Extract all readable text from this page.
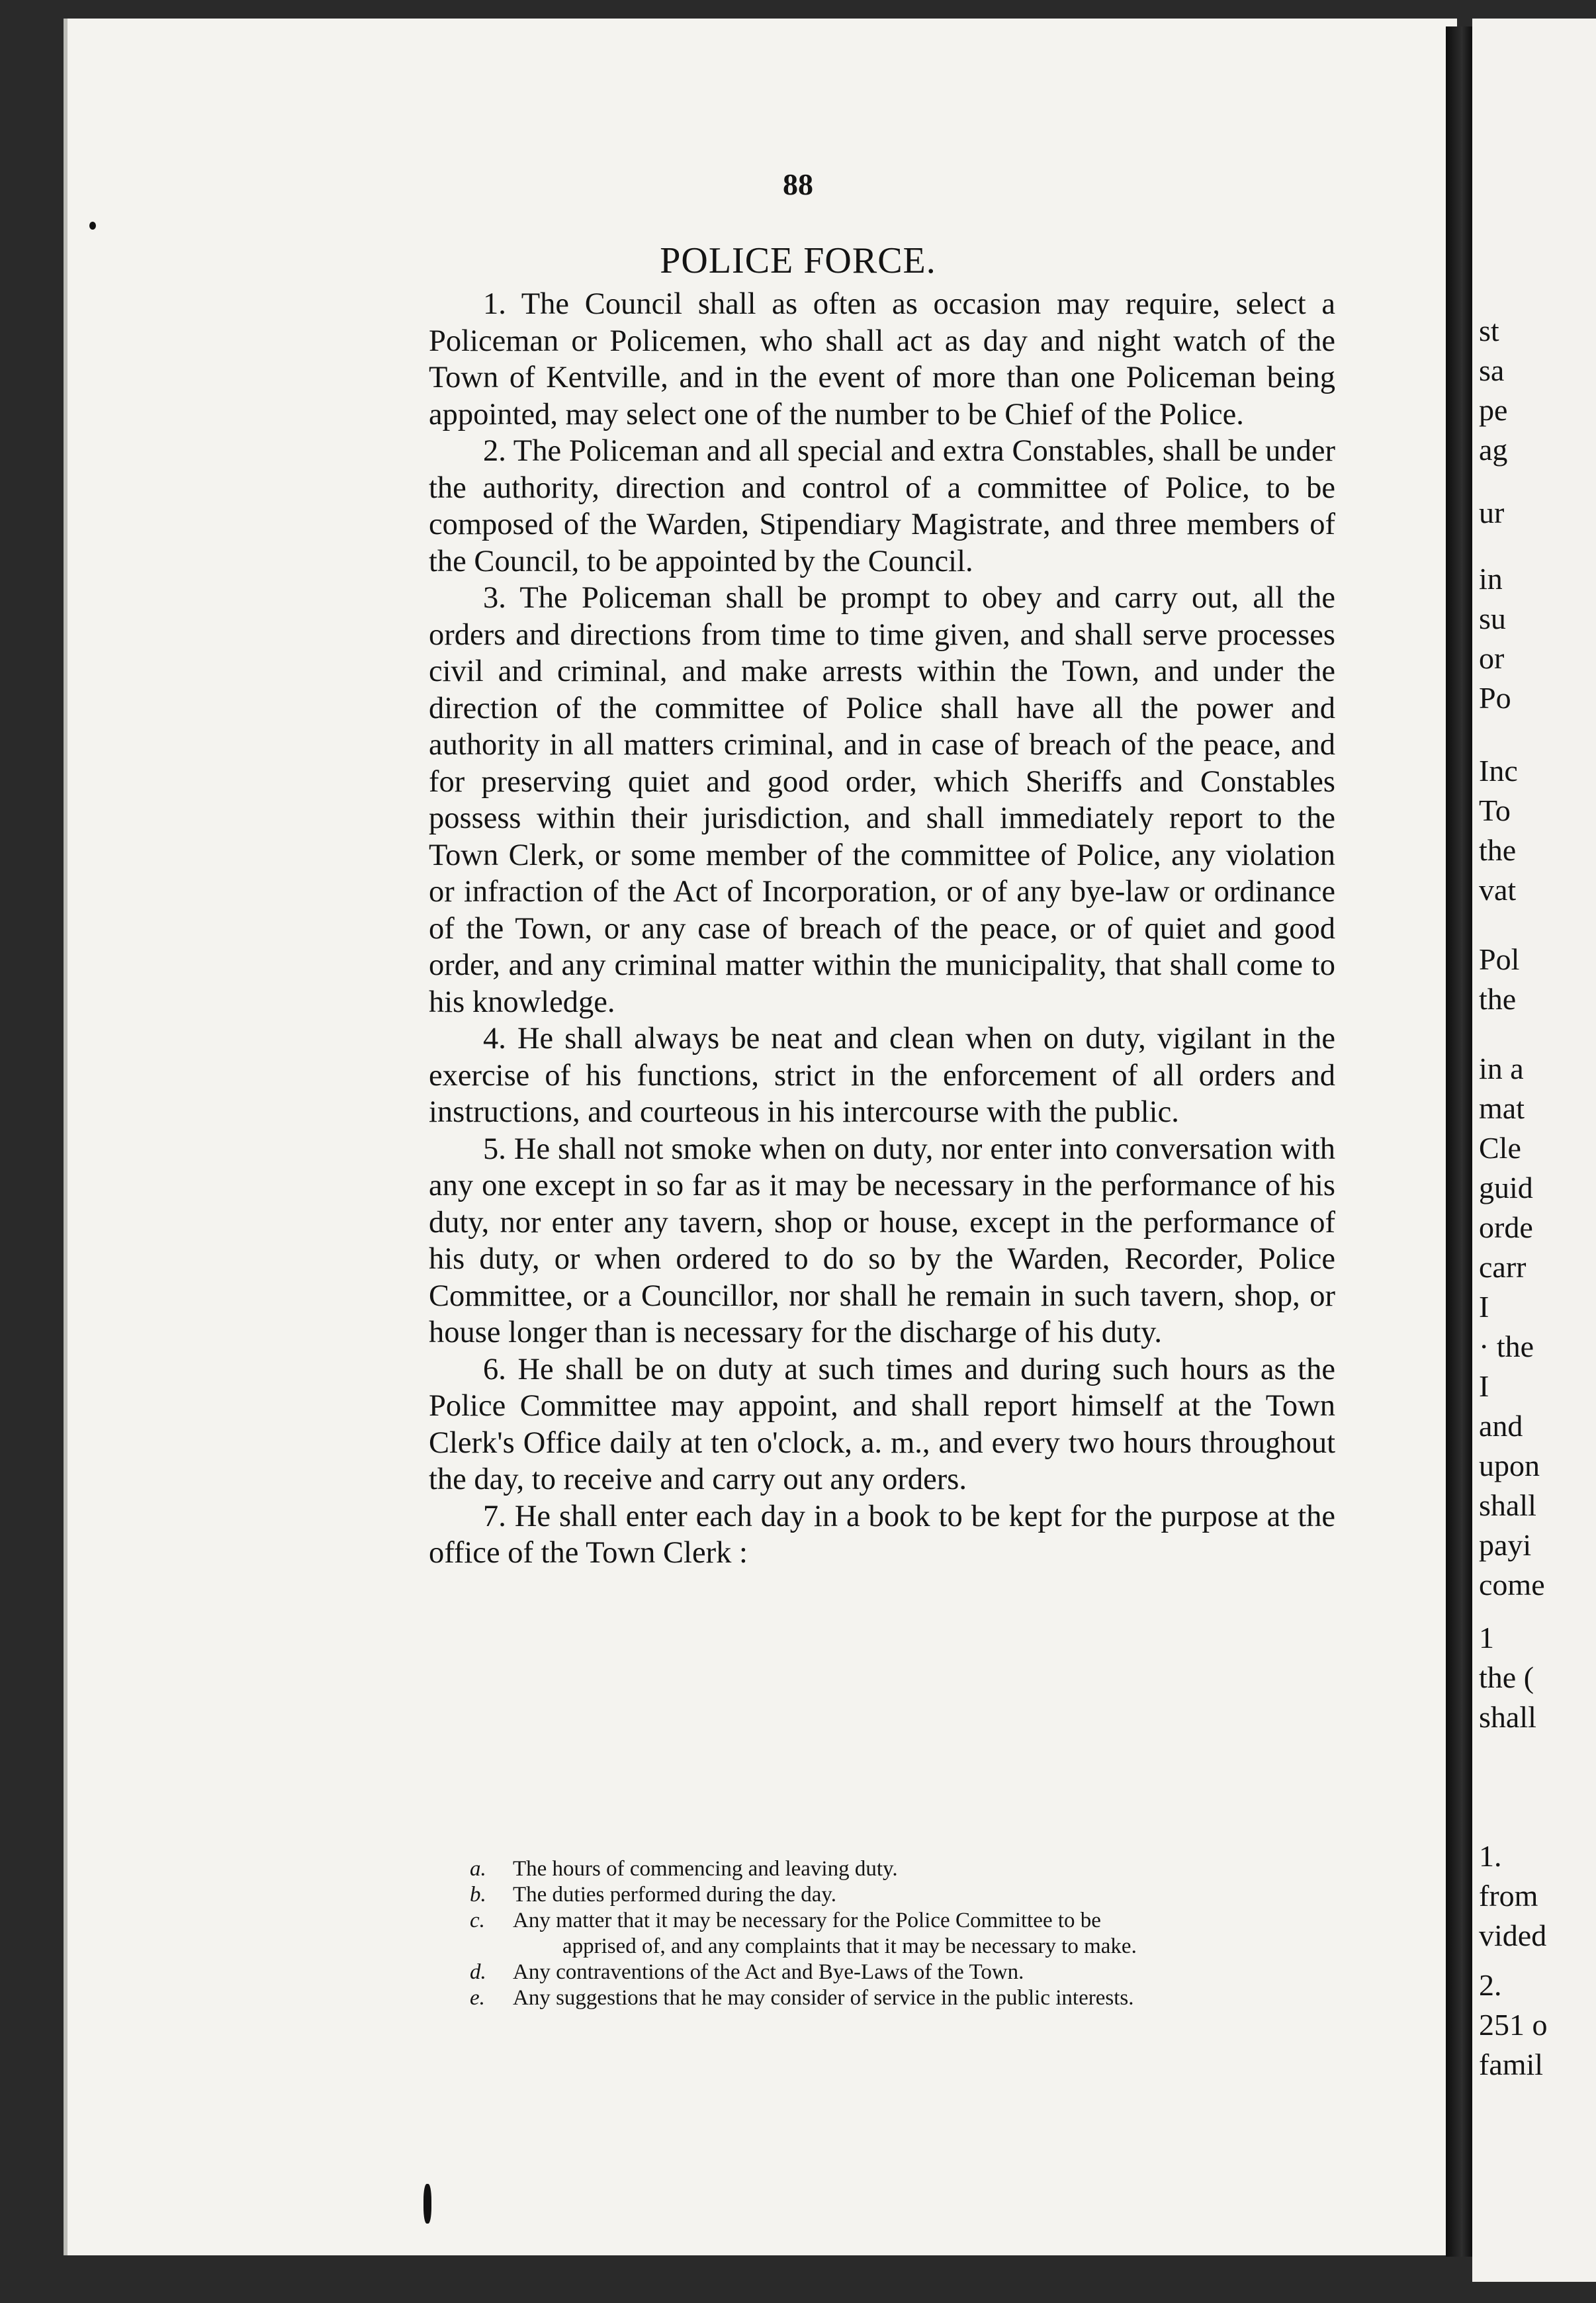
st
sa
pe
ag
ur
in
su
or
Po
Inc
To
the
vat
Pol
the
in a
mat
Cle
guid
orde
carr
I
· the
I
and
upon
shall
payi
come
1
the (
shall
1.
from
vided
2.
251 o
famil
88
POLICE FORCE.

1. The Council shall as often as occasion may require, select a Policeman or Policemen, who shall act as day and night watch of the Town of Kentville, and in the event of more than one Policeman being appointed, may select one of the number to be Chief of the Police.

2. The Policeman and all special and extra Constables, shall be under the authority, direction and control of a committee of Police, to be composed of the Warden, Stipendiary Magistrate, and three members of the Council, to be appointed by the Council.

3. The Policeman shall be prompt to obey and carry out, all the orders and directions from time to time given, and shall serve processes civil and criminal, and make arrests within the Town, and under the direction of the committee of Police shall have all the power and authority in all matters criminal, and in case of breach of the peace, and for preserving quiet and good order, which Sheriffs and Constables possess within their jurisdiction, and shall immediately report to the Town Clerk, or some member of the committee of Police, any violation or infraction of the Act of Incorporation, or of any bye-law or ordinance of the Town, or any case of breach of the peace, or of quiet and good order, and any criminal matter within the municipality, that shall come to his knowledge.

4. He shall always be neat and clean when on duty, vigilant in the exercise of his functions, strict in the enforcement of all orders and instructions, and courteous in his intercourse with the public.

5. He shall not smoke when on duty, nor enter into conversation with any one except in so far as it may be necessary in the performance of his duty, nor enter any tavern, shop or house, except in the performance of his duty, or when ordered to do so by the Warden, Recorder, Police Committee, or a Councillor, nor shall he remain in such tavern, shop, or house longer than is necessary for the discharge of his duty.

6. He shall be on duty at such times and during such hours as the Police Committee may appoint, and shall report himself at the Town Clerk's Office daily at ten o'clock, a. m., and every two hours throughout the day, to receive and carry out any orders.

7. He shall enter each day in a book to be kept for the purpose at the office of the Town Clerk :

a. The hours of commencing and leaving duty.
b. The duties performed during the day.
c. Any matter that it may be necessary for the Police Committee to be
apprised of, and any complaints that it may be necessary to make.
d. Any contraventions of the Act and Bye-Laws of the Town.
e. Any suggestions that he may consider of service in the public interests.
